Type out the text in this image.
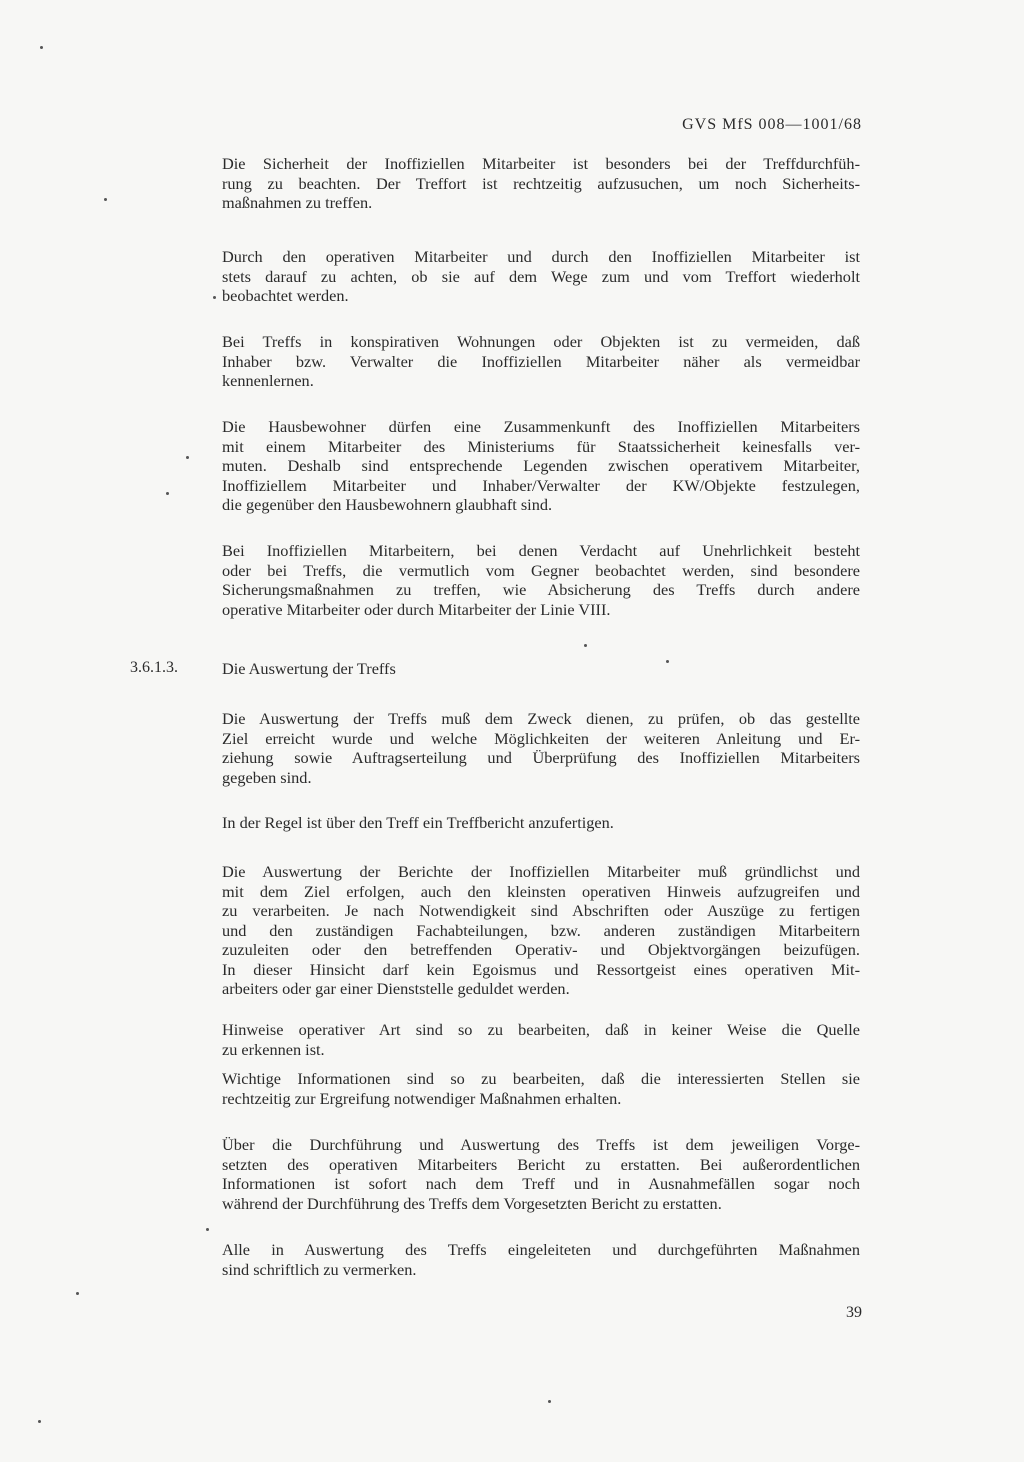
GVS MfS 008—1001/68

Die Sicherheit der Inoffiziellen Mitarbeiter ist besonders bei der Treffdurchfüh-
rung zu beachten. Der Treffort ist rechtzeitig aufzusuchen, um noch Sicherheits-
maßnahmen zu treffen.

Durch den operativen Mitarbeiter und durch den Inoffiziellen Mitarbeiter ist
stets darauf zu achten, ob sie auf dem Wege zum und vom Treffort wiederholt
beobachtet werden.

Bei Treffs in konspirativen Wohnungen oder Objekten ist zu vermeiden, daß
Inhaber bzw. Verwalter die Inoffiziellen Mitarbeiter näher als vermeidbar
kennenlernen.

Die Hausbewohner dürfen eine Zusammenkunft des Inoffiziellen Mitarbeiters
mit einem Mitarbeiter des Ministeriums für Staatssicherheit keinesfalls ver-
muten. Deshalb sind entsprechende Legenden zwischen operativem Mitarbeiter,
Inoffiziellem Mitarbeiter und Inhaber/Verwalter der KW/Objekte festzulegen,
die gegenüber den Hausbewohnern glaubhaft sind.

Bei Inoffiziellen Mitarbeitern, bei denen Verdacht auf Unehrlichkeit besteht
oder bei Treffs, die vermutlich vom Gegner beobachtet werden, sind besondere
Sicherungsmaßnahmen zu treffen, wie Absicherung des Treffs durch andere
operative Mitarbeiter oder durch Mitarbeiter der Linie VIII.

3.6.1.3.	Die Auswertung der Treffs

Die Auswertung der Treffs muß dem Zweck dienen, zu prüfen, ob das gestellte
Ziel erreicht wurde und welche Möglichkeiten der weiteren Anleitung und Er-
ziehung sowie Auftragserteilung und Überprüfung des Inoffiziellen Mitarbeiters
gegeben sind.

In der Regel ist über den Treff ein Treffbericht anzufertigen.

Die Auswertung der Berichte der Inoffiziellen Mitarbeiter muß gründlichst und
mit dem Ziel erfolgen, auch den kleinsten operativen Hinweis aufzugreifen und
zu verarbeiten. Je nach Notwendigkeit sind Abschriften oder Auszüge zu fertigen
und den zuständigen Fachabteilungen, bzw. anderen zuständigen Mitarbeitern
zuzuleiten oder den betreffenden Operativ- und Objektvorgängen beizufügen.
In dieser Hinsicht darf kein Egoismus und Ressortgeist eines operativen Mit-
arbeiters oder gar einer Dienststelle geduldet werden.

Hinweise operativer Art sind so zu bearbeiten, daß in keiner Weise die Quelle
zu erkennen ist.

Wichtige Informationen sind so zu bearbeiten, daß die interessierten Stellen sie
rechtzeitig zur Ergreifung notwendiger Maßnahmen erhalten.

Über die Durchführung und Auswertung des Treffs ist dem jeweiligen Vorge-
setzten des operativen Mitarbeiters Bericht zu erstatten. Bei außerordentlichen
Informationen ist sofort nach dem Treff und in Ausnahmefällen sogar noch
während der Durchführung des Treffs dem Vorgesetzten Bericht zu erstatten.

Alle in Auswertung des Treffs eingeleiteten und durchgeführten Maßnahmen
sind schriftlich zu vermerken.

39
